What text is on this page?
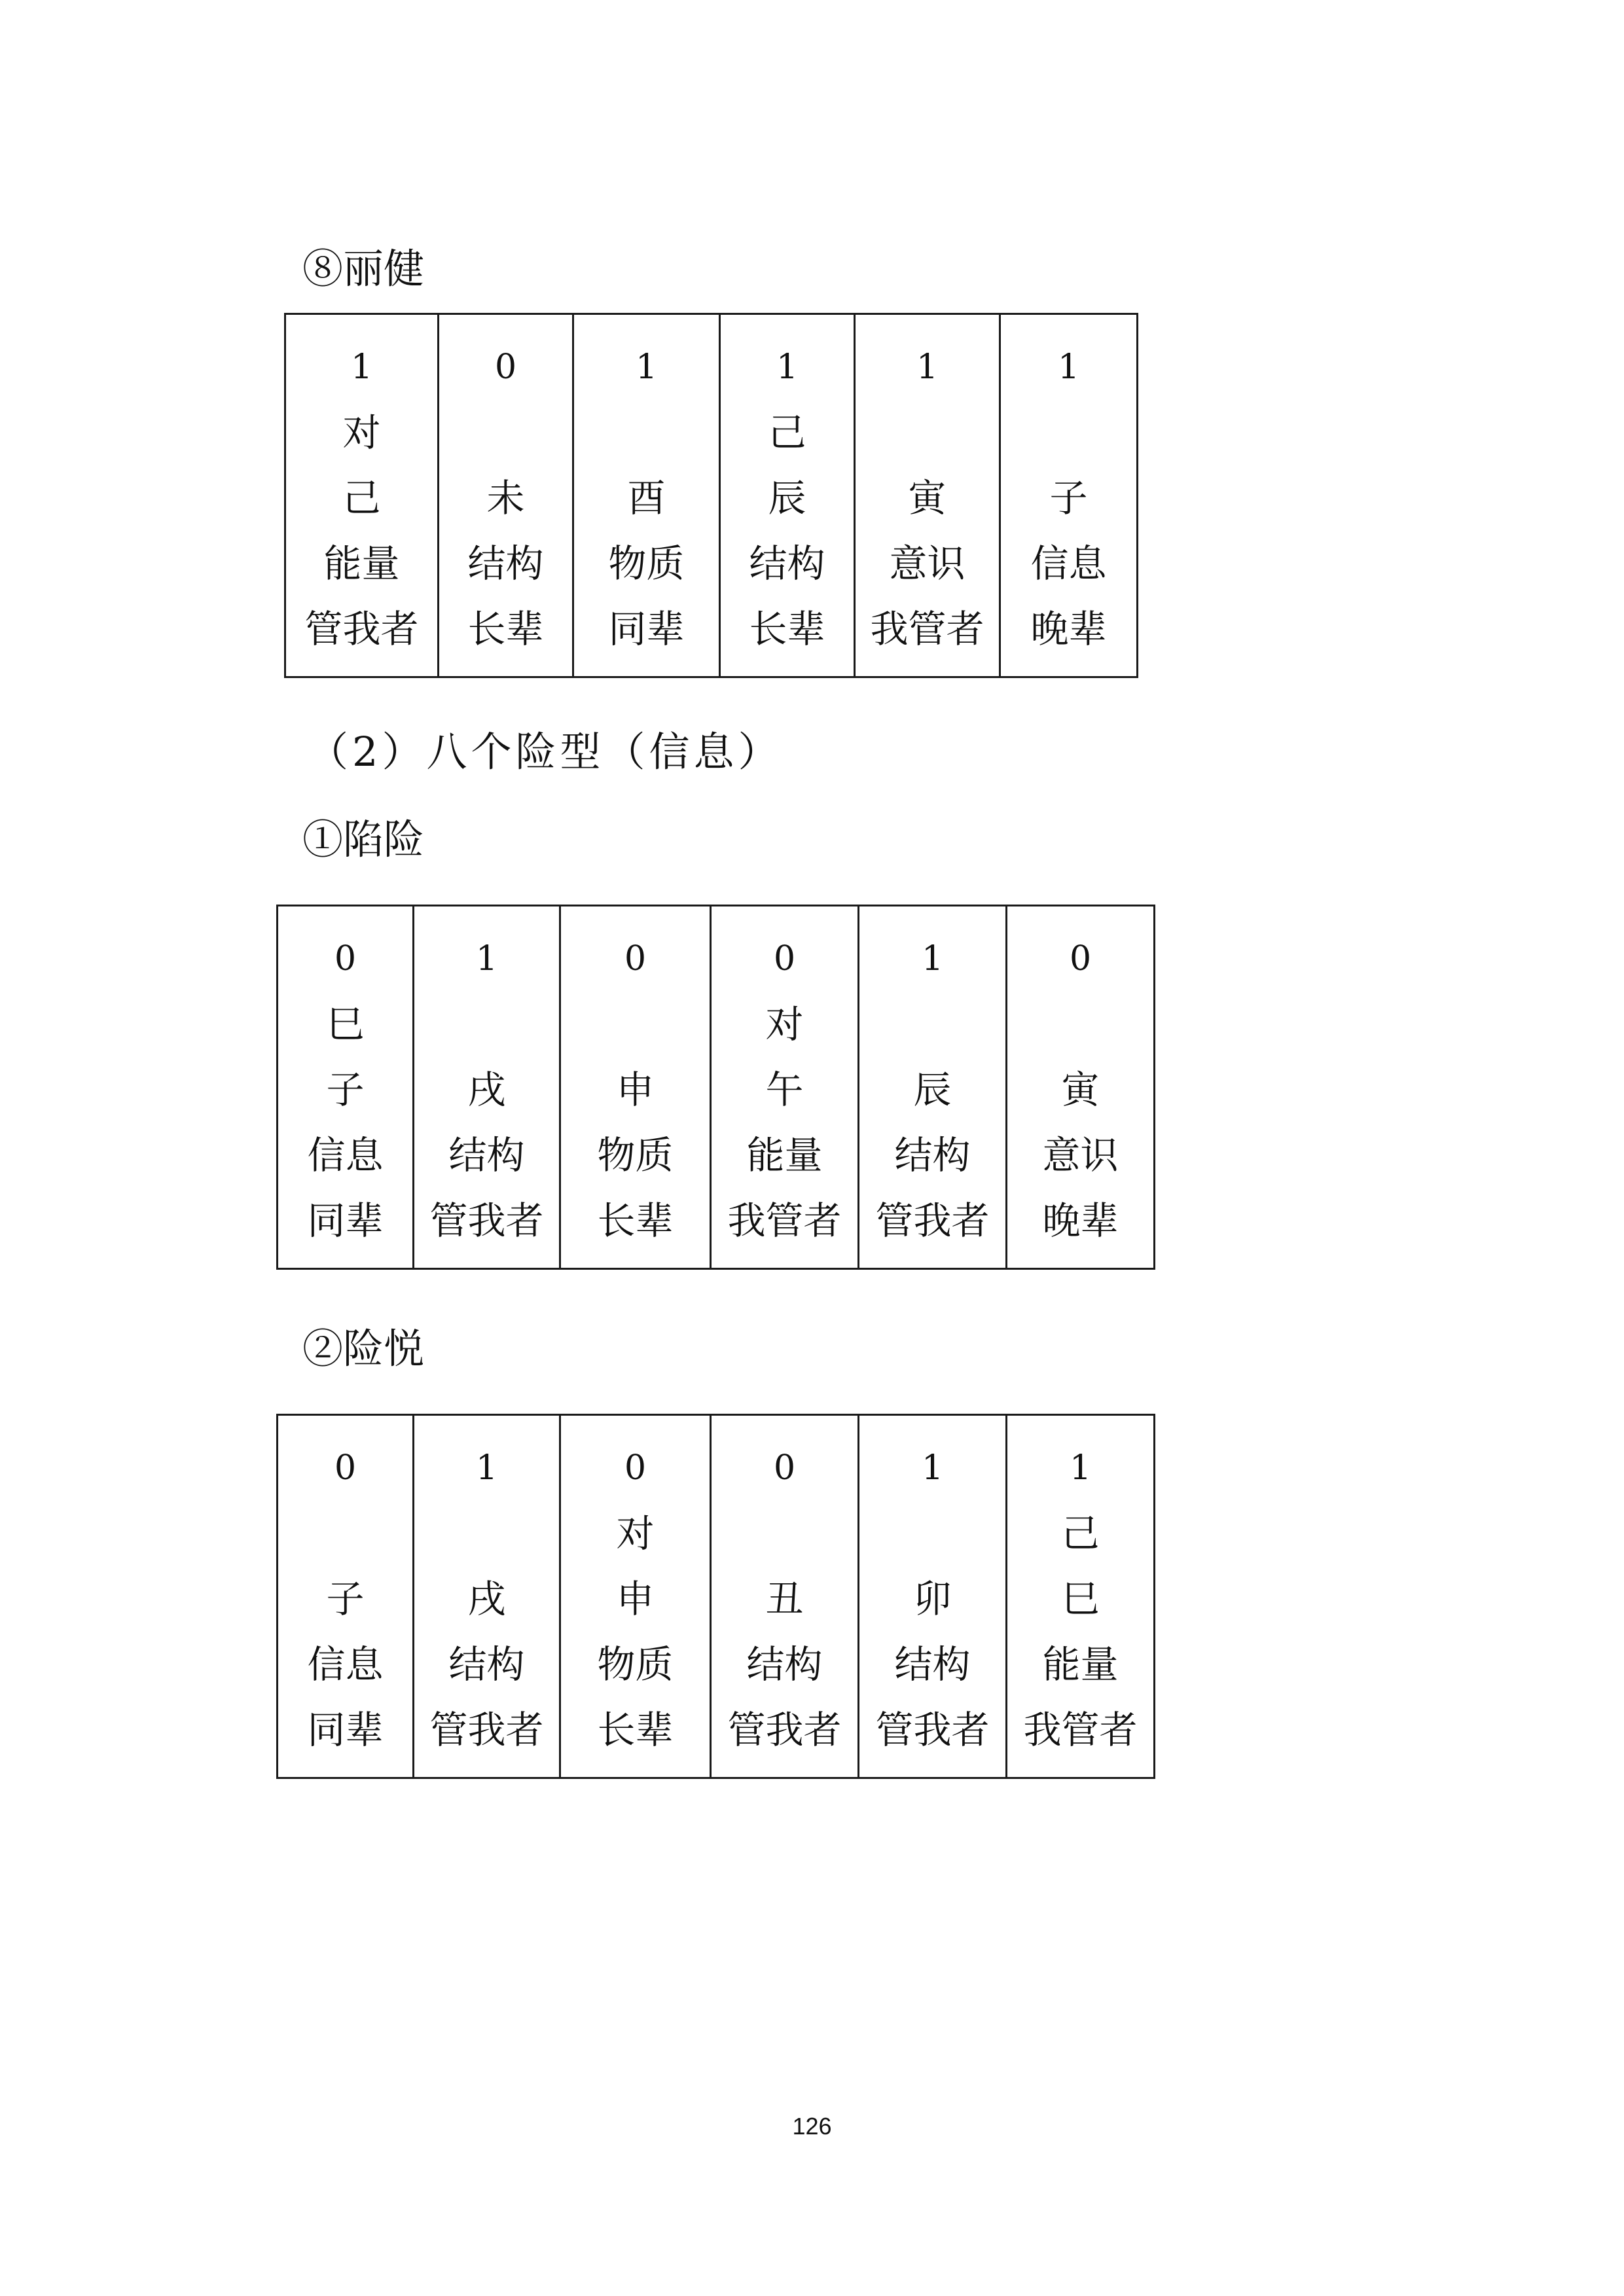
⑧丽健
1
对
己
能量
管我者

0
未
结构
长辈

1
酉
物质
同辈

1
己
辰
结构
长辈

1
寅
意识
我管者

1
子
信息
晚辈
（2）八个险型（信息）
①陷险
0
巳
子
信息
同辈

1
戌
结构
管我者

0
申
物质
长辈

0
对
午
能量
我管者

1
辰
结构
管我者

0
寅
意识
晚辈
②险悦
0
子
信息
同辈

1
戌
结构
管我者

0
对
申
物质
长辈

0
丑
结构
管我者

1
卯
结构
管我者

1
己
巳
能量
我管者
126
